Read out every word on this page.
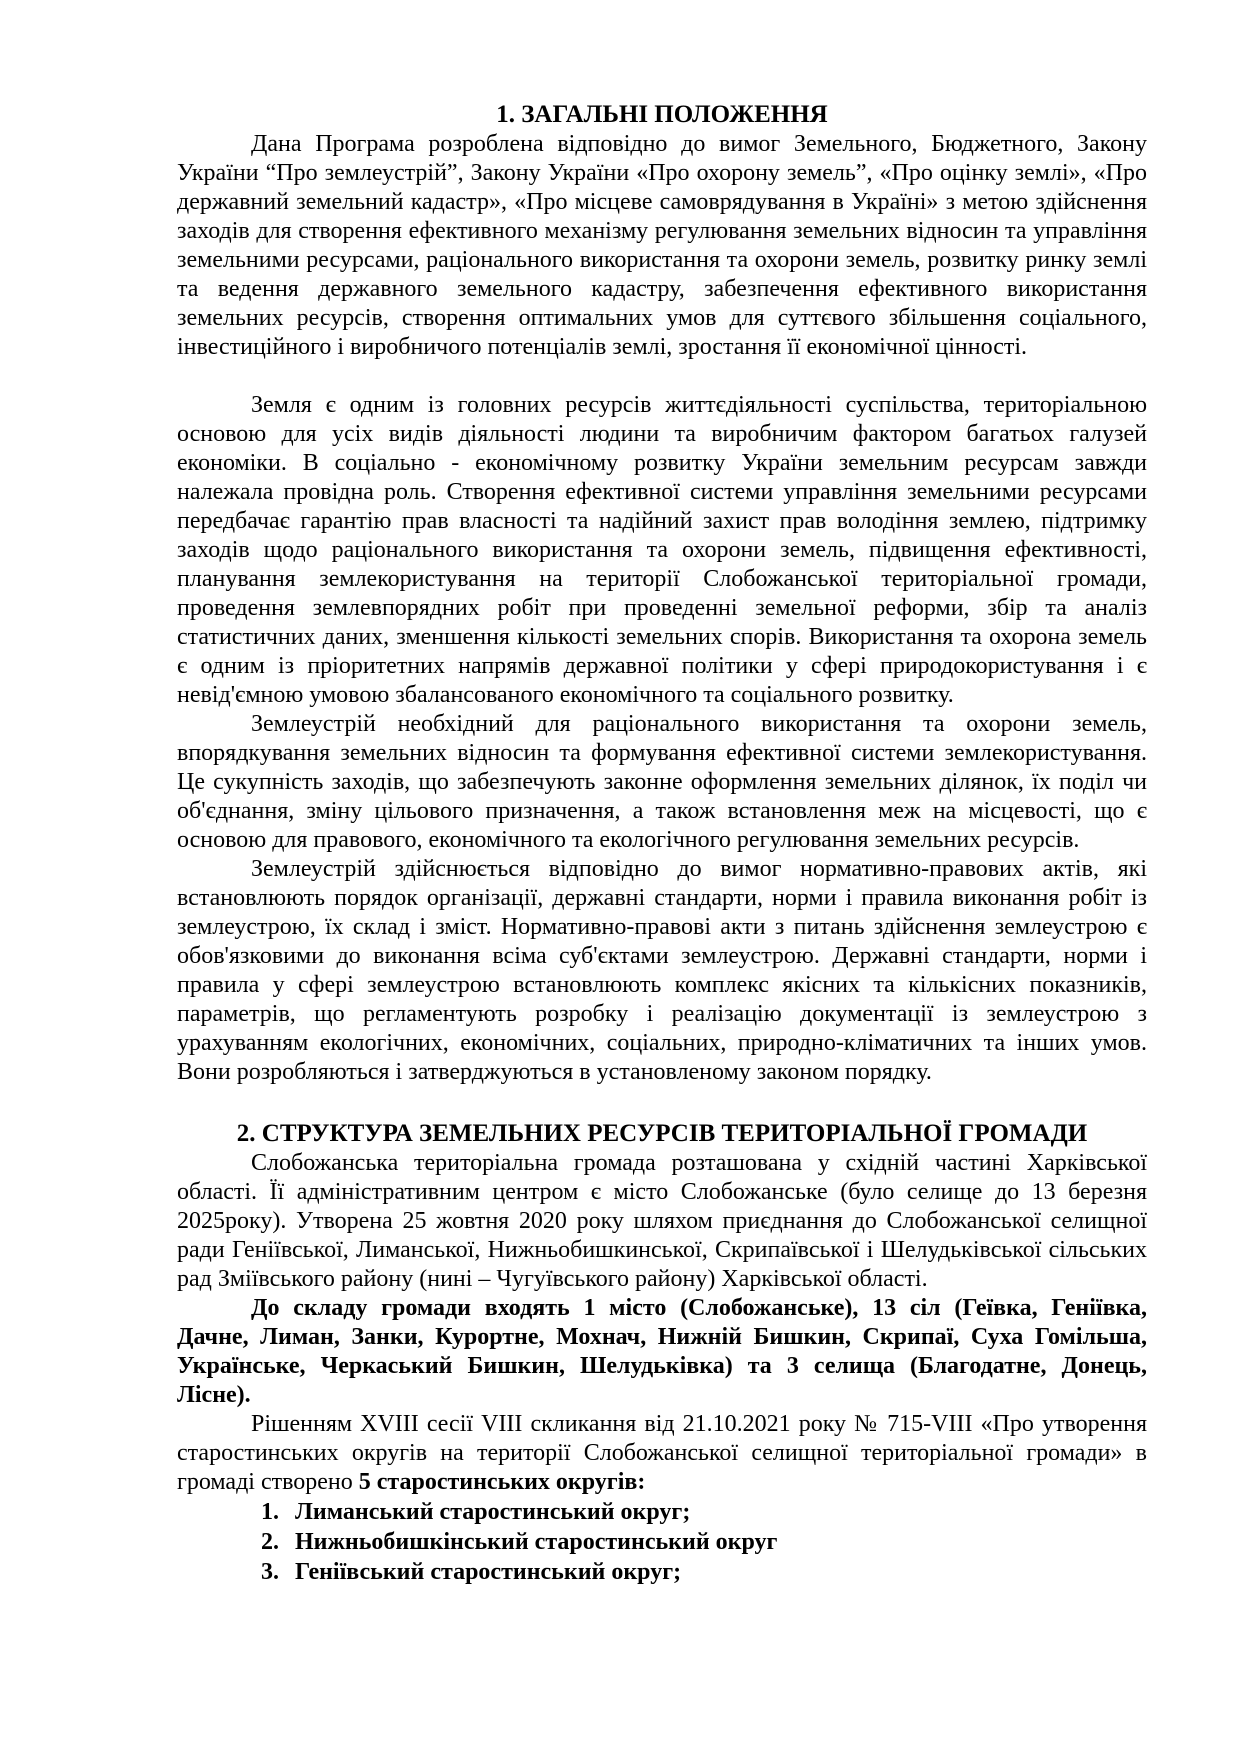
1. ЗАГАЛЬНІ ПОЛОЖЕННЯ

Дана Програма розроблена відповідно до вимог Земельного, Бюджетного, Закону України “Про землеустрій”, Закону України «Про охорону земель”, «Про оцінку землі», «Про державний земельний кадастр», «Про місцеве самоврядування в Україні» з метою здійснення заходів для створення ефективного механізму регулювання земельних відносин та управління земельними ресурсами, раціонального використання та охорони земель, розвитку ринку землі та ведення державного земельного кадастру, забезпечення ефективного використання земельних ресурсів, створення оптимальних умов для суттєвого збільшення соціального, інвестиційного і виробничого потенціалів землі, зростання її економічної цінності.

Земля є одним із головних ресурсів життєдіяльності суспільства, територіальною основою для усіх видів діяльності людини та виробничим фактором багатьох галузей економіки. В соціально - економічному розвитку України земельним ресурсам завжди належала провідна роль. Створення ефективної системи управління земельними ресурсами передбачає гарантію прав власності та надійний захист прав володіння землею, підтримку заходів щодо раціонального використання та охорони земель, підвищення ефективності, планування землекористування на території Слобожанської територіальної громади, проведення землевпорядних робіт при проведенні земельної реформи, збір та аналіз статистичних даних, зменшення кількості земельних спорів. Використання та охорона земель є одним із пріоритетних напрямів державної політики у сфері природокористування і є невід'ємною умовою збалансованого економічного та соціального розвитку.

Землеустрій необхідний для раціонального використання та охорони земель, впорядкування земельних відносин та формування ефективної системи землекористування. Це сукупність заходів, що забезпечують законне оформлення земельних ділянок, їх поділ чи об'єднання, зміну цільового призначення, а також встановлення меж на місцевості, що є основою для правового, економічного та екологічного регулювання земельних ресурсів.

Землеустрій здійснюється відповідно до вимог нормативно-правових актів, які встановлюють порядок організації, державні стандарти, норми і правила виконання робіт із землеустрою, їх склад і зміст. Нормативно-правові акти з питань здійснення землеустрою є обов'язковими до виконання всіма суб'єктами землеустрою. Державні стандарти, норми і правила у сфері землеустрою встановлюють комплекс якісних та кількісних показників, параметрів, що регламентують розробку і реалізацію документації із землеустрою з урахуванням екологічних, економічних, соціальних, природно-кліматичних та інших умов. Вони розробляються і затверджуються в установленому законом порядку.

2. СТРУКТУРА ЗЕМЕЛЬНИХ РЕСУРСІВ ТЕРИТОРІАЛЬНОЇ ГРОМАДИ

Слобожанська територіальна громада розташована у східній частині Харківської області. Її адміністративним центром є місто Слобожанське (було селище до 13 березня 2025року). Утворена 25 жовтня 2020 року шляхом приєднання до Слобожанської селищної ради Геніївської, Лиманської, Нижньобишкинської, Скрипаївської і Шелудьківської сільських рад Зміївського району (нині – Чугуївського району) Харківської області.

До складу громади входять 1 місто (Слобожанське), 13 сіл (Геївка, Геніївка, Дачне, Лиман, Занки, Курортне, Мохнач, Нижній Бишкин, Скрипаї, Суха Гомільша, Українське, Черкаський Бишкин, Шелудьківка) та 3 селища (Благодатне, Донець, Лісне).

Рішенням XVIII сесії VIII скликання від 21.10.2021 року № 715-VIII «Про утворення старостинських округів на території Слобожанської селищної територіальної громади» в громаді створено 5 старостинських округів:

1. Лиманський старостинський округ;
2. Нижньобишкінський старостинський округ
3. Геніївський старостинський округ;
